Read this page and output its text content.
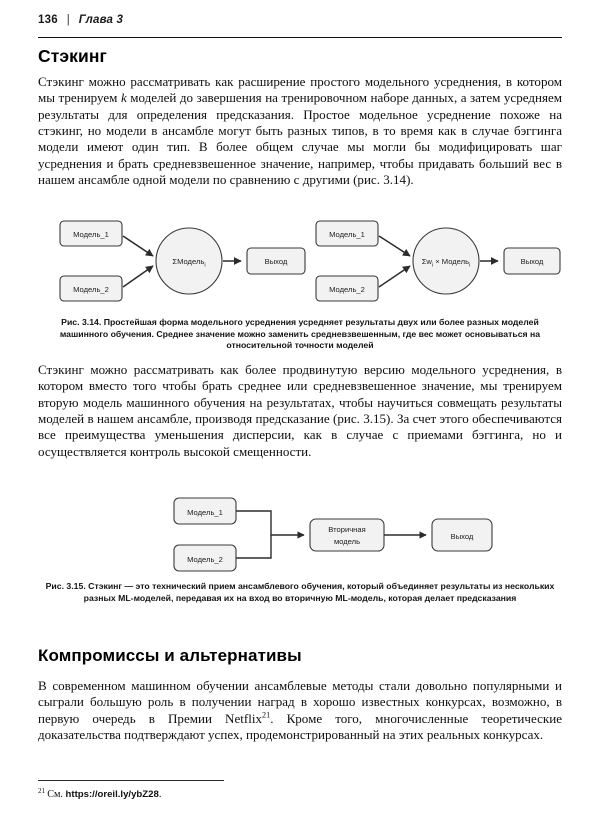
136 | Глава 3
Стэкинг

Стэкинг можно рассматривать как расширение простого модельного усреднения, в котором мы тренируем k моделей до завершения на тренировочном наборе данных, а затем усредняем результаты для определения предсказания. Простое модельное усреднение похоже на стэкинг, но модели в ансамбле могут быть разных типов, в то время как в случае бэггинга модели имеют один тип. В более общем случае мы могли бы модифицировать шаг усреднения и брать средневзвешенное значение, например, чтобы придавать больший вес в нашем ансамбле одной модели по сравнению с другими (рис. 3.14).

Модель_1
Модель_2
ΣМодель$_i$	Выход
Модель_1
Модель_2
$\Sigma w_i$ × Модель$_i$	Выход
Рис. 3.14. Простейшая форма модельного усреднения усредняет результаты двух или более разных моделей машинного обучения. Среднее значение можно заменить средневзвешенным, где вес может основываться на относительной точности моделей

Стэкинг можно рассматривать как более продвинутую версию модельного усреднения, в котором вместо того чтобы брать среднее или средневзвешенное значение, мы тренируем вторую модель машинного обучения на результатах, чтобы научиться совмещать результаты моделей в нашем ансамбле, производя предсказание (рис. 3.15). За счет этого обеспечиваются все преимущества уменьшения дисперсии, как в случае с приемами бэггинга, но и осуществляется контроль высокой смещенности.

Модель_1
Модель_2
Вторичная
модель
Выход
Рис. 3.15. Стэкинг — это технический прием ансамблевого обучения, который объединяет результаты из нескольких разных ML-моделей, передавая их на вход во вторичную ML-модель, которая делает предсказания
Компромиссы и альтернативы

В современном машинном обучении ансамблевые методы стали довольно популярными и сыграли большую роль в получении наград в хорошо известных конкурсах, возможно, в первую очередь в Премии Netflix$^{21}$. Кроме того, многочисленные теоретические доказательства подтверждают успех, продемонстрированный на этих реальных конкурсах.

$^{21}$ См. https://oreil.ly/ybZ28.
